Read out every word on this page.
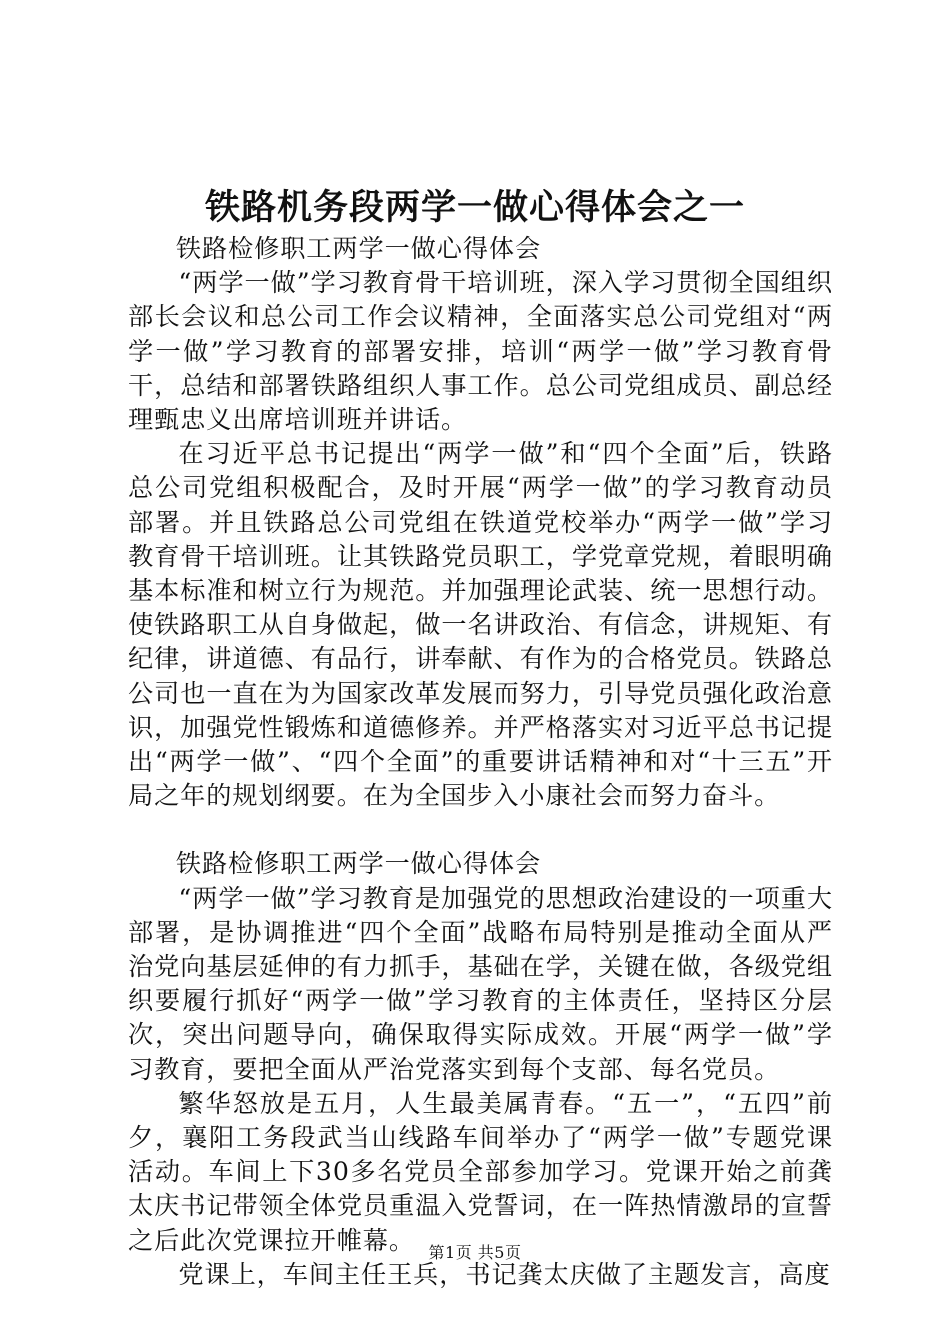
铁路机务段两学一做心得体会之一

铁路检修职工两学一做心得体会

“两学一做”学习教育骨干培训班，深入学习贯彻全国组织部长会议和总公司工作会议精神，全面落实总公司党组对“两学一做”学习教育的部署安排，培训“两学一做”学习教育骨干，总结和部署铁路组织人事工作。总公司党组成员、副总经理甄忠义出席培训班并讲话。

在习近平总书记提出“两学一做”和“四个全面”后，铁路总公司党组积极配合，及时开展“两学一做”的学习教育动员部署。并且铁路总公司党组在铁道党校举办“两学一做”学习教育骨干培训班。让其铁路党员职工，学党章党规，着眼明确基本标准和树立行为规范。并加强理论武装、统一思想行动。使铁路职工从自身做起，做一名讲政治、有信念，讲规矩、有纪律，讲道德、有品行，讲奉献、有作为的合格党员。铁路总公司也一直在为为国家改革发展而努力，引导党员强化政治意识，加强党性锻炼和道德修养。并严格落实对习近平总书记提出“两学一做”、“四个全面”的重要讲话精神和对“十三五”开局之年的规划纲要。在为全国步入小康社会而努力奋斗。

铁路检修职工两学一做心得体会

“两学一做”学习教育是加强党的思想政治建设的一项重大部署，是协调推进“四个全面”战略布局特别是推动全面从严治党向基层延伸的有力抓手，基础在学，关键在做，各级党组织要履行抓好“两学一做”学习教育的主体责任，坚持区分层次，突出问题导向，确保取得实际成效。开展“两学一做”学习教育，要把全面从严治党落实到每个支部、每名党员。

繁华怒放是五月，人生最美属青春。“五一”，“五四”前夕，襄阳工务段武当山线路车间举办了“两学一做”专题党课活动。车间上下30多名党员全部参加学习。党课开始之前龚太庆书记带领全体党员重温入党誓词，在一阵热情激昂的宣誓之后此次党课拉开帷幕。

党课上，车间主任王兵，书记龚太庆做了主题发言，高度

第1页 共5页
